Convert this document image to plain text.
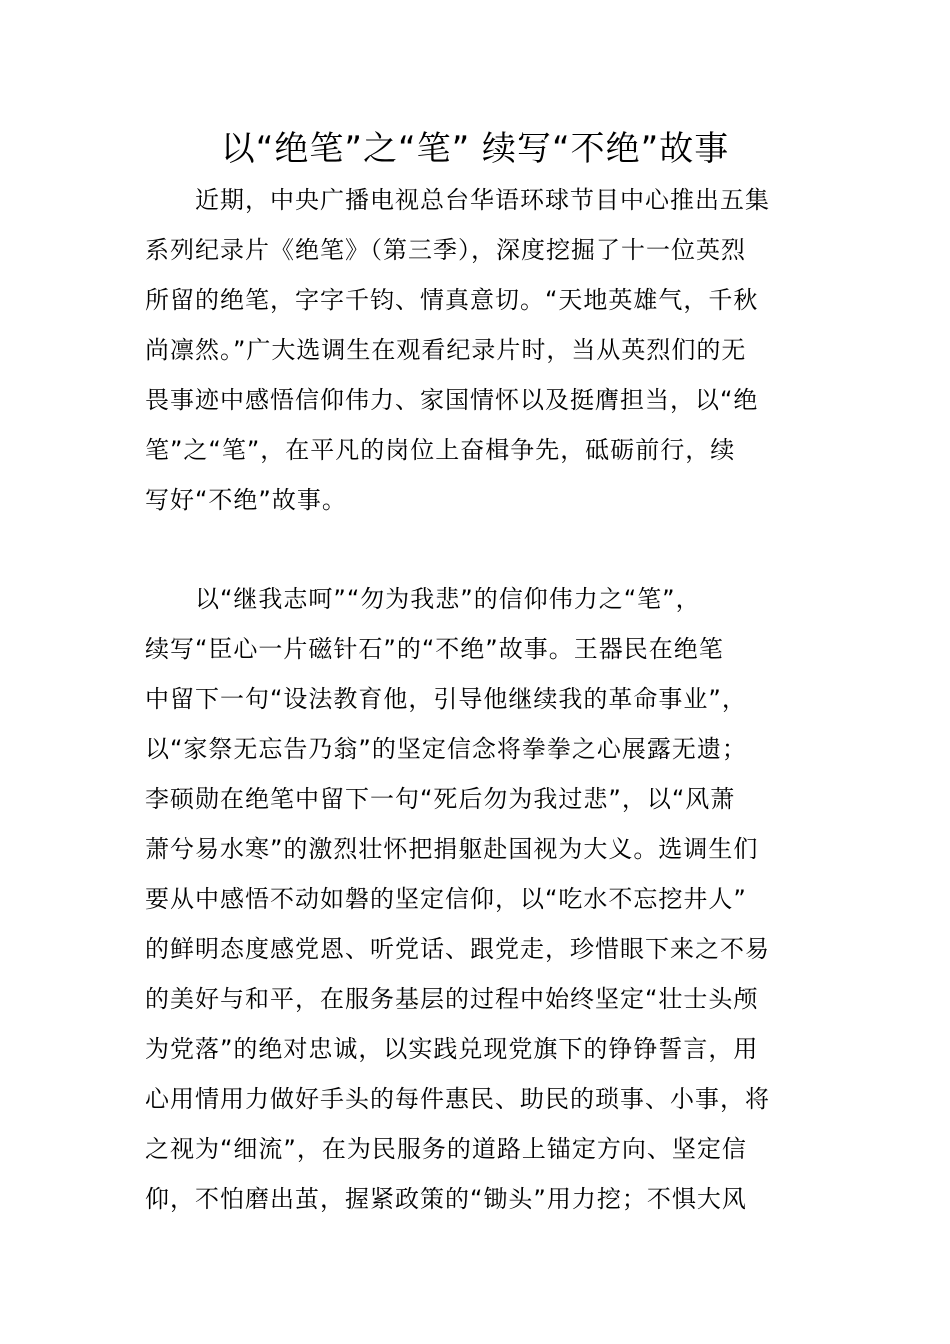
以“绝笔”之“笔” 续写“不绝”故事
近期，中央广播电视总台华语环球节目中心推出五集
系列纪录片《绝笔》（第三季），深度挖掘了十一位英烈
所留的绝笔，字字千钧、情真意切。“天地英雄气，千秋
尚凛然。”广大选调生在观看纪录片时，当从英烈们的无
畏事迹中感悟信仰伟力、家国情怀以及挺膺担当，以“绝
笔”之“笔”，在平凡的岗位上奋楫争先，砥砺前行，续
写好“不绝”故事。
以“继我志呵”“勿为我悲”的信仰伟力之“笔”，
续写“臣心一片磁针石”的“不绝”故事。王器民在绝笔
中留下一句“设法教育他，引导他继续我的革命事业”，
以“家祭无忘告乃翁”的坚定信念将拳拳之心展露无遗；
李硕勋在绝笔中留下一句“死后勿为我过悲”，以“风萧
萧兮易水寒”的激烈壮怀把捐躯赴国视为大义。选调生们
要从中感悟不动如磐的坚定信仰，以“吃水不忘挖井人”
的鲜明态度感党恩、听党话、跟党走，珍惜眼下来之不易
的美好与和平，在服务基层的过程中始终坚定“壮士头颅
为党落”的绝对忠诚，以实践兑现党旗下的铮铮誓言，用
心用情用力做好手头的每件惠民、助民的琐事、小事，将
之视为“细流”，在为民服务的道路上锚定方向、坚定信
仰，不怕磨出茧，握紧政策的“锄头”用力挖；不惧大风
